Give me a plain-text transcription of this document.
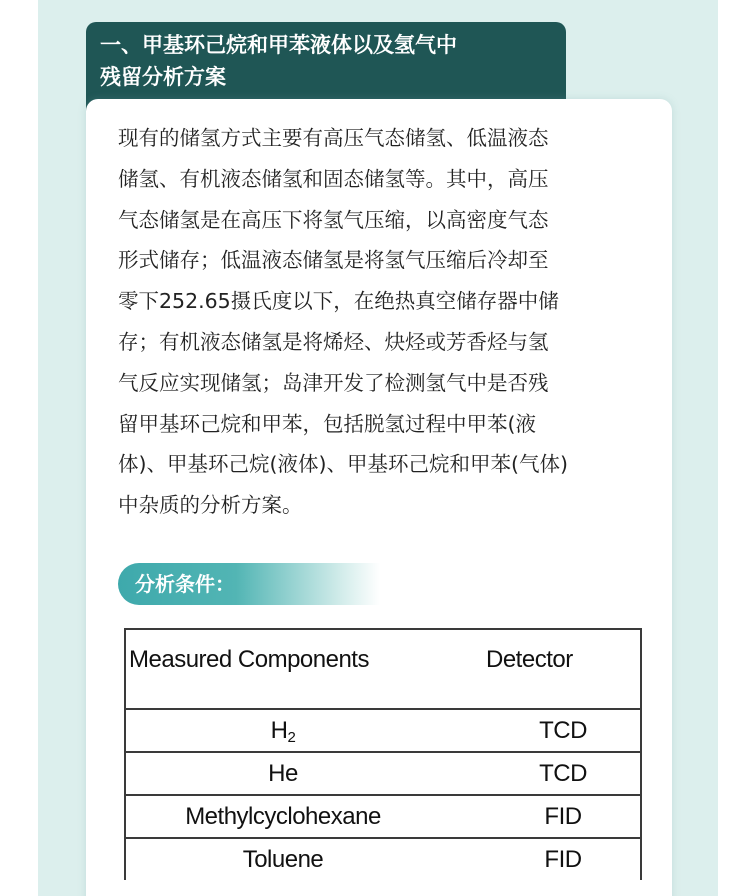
一、甲基环己烷和甲苯液体以及氢气中
残留分析方案

现有的储氢方式主要有高压气态储氢、低温液态
储氢、有机液态储氢和固态储氢等。其中，高压
气态储氢是在高压下将氢气压缩，以高密度气态
形式储存；低温液态储氢是将氢气压缩后冷却至
零下252.65摄氏度以下，在绝热真空储存器中储
存；有机液态储氢是将烯烃、炔烃或芳香烃与氢
气反应实现储氢；岛津开发了检测氢气中是否残
留甲基环己烷和甲苯，包括脱氢过程中甲苯(液
体)、甲基环己烷(液体)、甲基环己烷和甲苯(气体)
中杂质的分析方案。

分析条件：
Measured Components	Detector

$H_2$	TCD

He	TCD

Methylcyclohexane	FID

Toluene	FID
